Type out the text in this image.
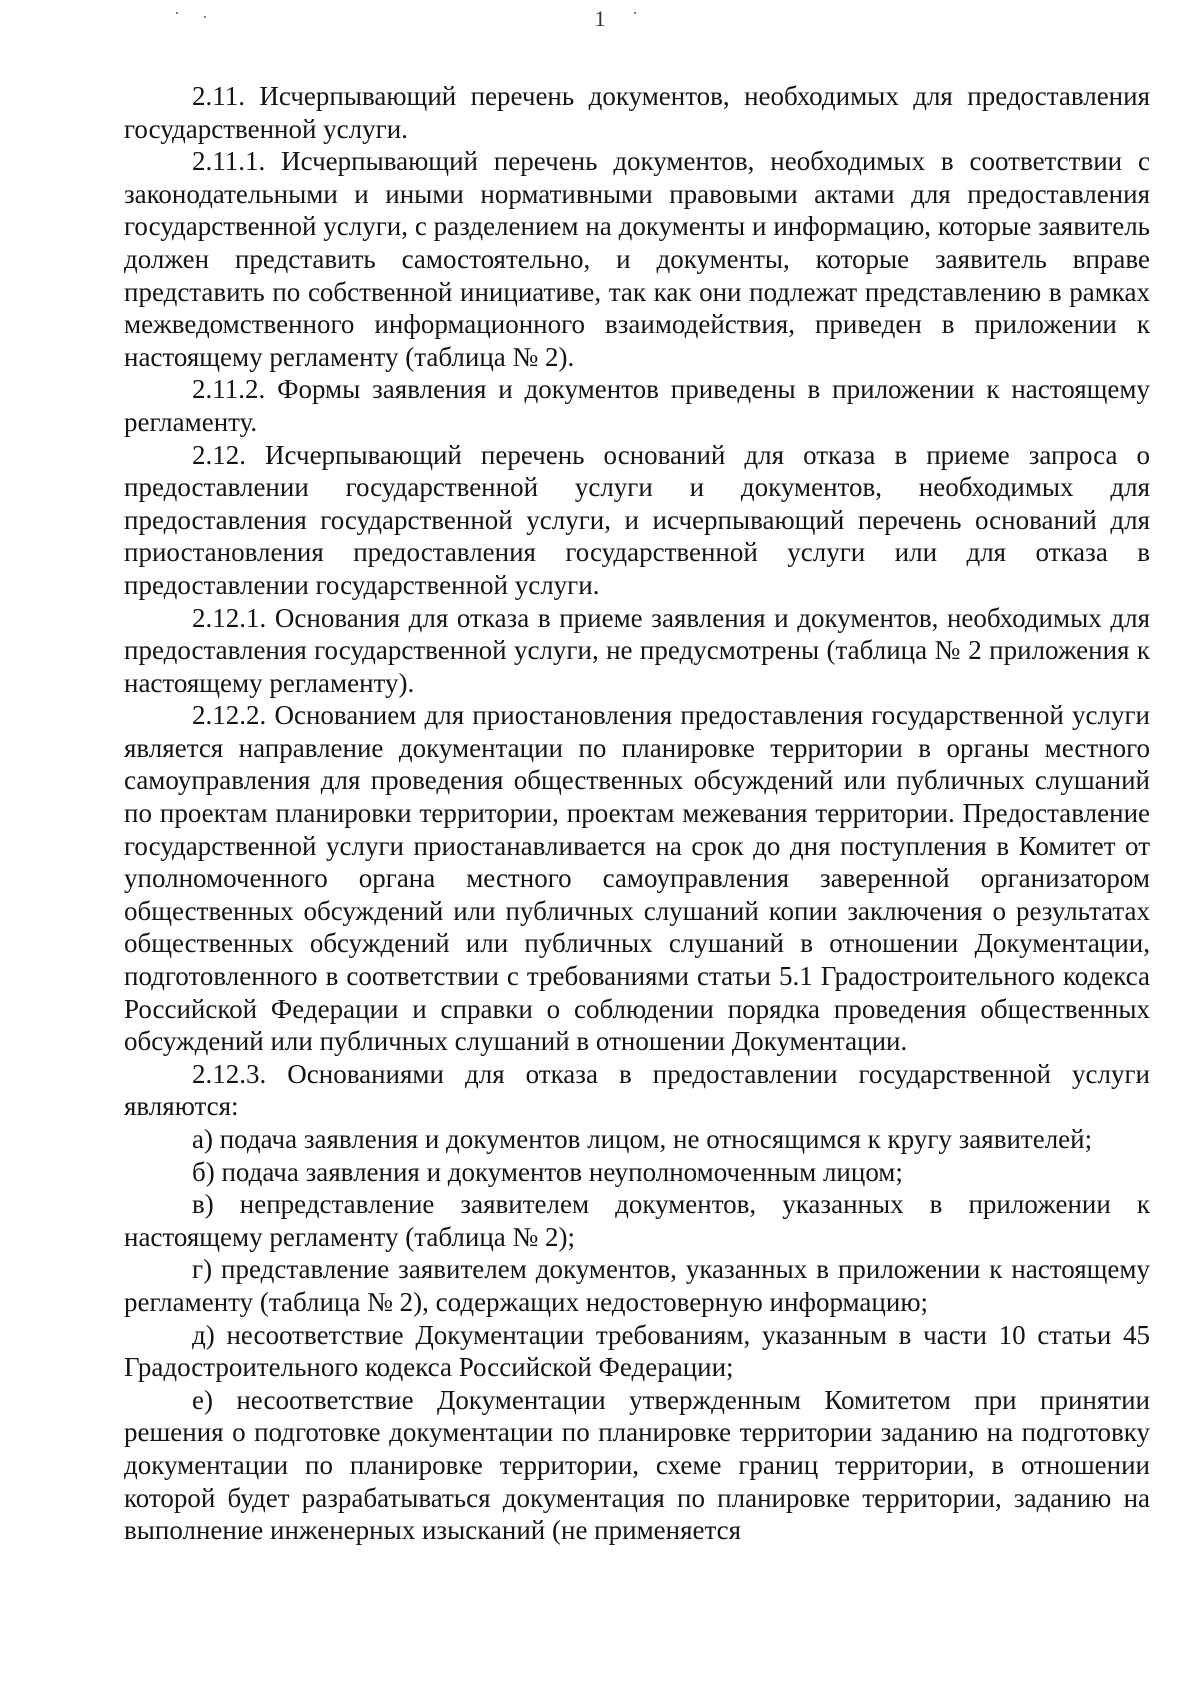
1

2.11. Исчерпывающий перечень документов, необходимых для предоставления государственной услуги.

2.11.1. Исчерпывающий перечень документов, необходимых в соответствии с законодательными и иными нормативными правовыми актами для предоставления государственной услуги, с разделением на документы и информацию, которые заявитель должен представить самостоятельно, и документы, которые заявитель вправе представить по собственной инициативе, так как они подлежат представлению в рамках межведомственного информационного взаимодействия, приведен в приложении к настоящему регламенту (таблица № 2).

2.11.2. Формы заявления и документов приведены в приложении к настоящему регламенту.

2.12. Исчерпывающий перечень оснований для отказа в приеме запроса о предоставлении государственной услуги и документов, необходимых для предоставления государственной услуги, и исчерпывающий перечень оснований для приостановления предоставления государственной услуги или для отказа в предоставлении государственной услуги.

2.12.1. Основания для отказа в приеме заявления и документов, необходимых для предоставления государственной услуги, не предусмотрены (таблица № 2 приложения к настоящему регламенту).

2.12.2. Основанием для приостановления предоставления государственной услуги является направление документации по планировке территории в органы местного самоуправления для проведения общественных обсуждений или публичных слушаний по проектам планировки территории, проектам межевания территории. Предоставление государственной услуги приостанавливается на срок до дня поступления в Комитет от уполномоченного органа местного самоуправления заверенной организатором общественных обсуждений или публичных слушаний копии заключения о результатах общественных обсуждений или публичных слушаний в отношении Документации, подготовленного в соответствии с требованиями статьи 5.1 Градостроительного кодекса Российской Федерации и справки о соблюдении порядка проведения общественных обсуждений или публичных слушаний в отношении Документации.

2.12.3. Основаниями для отказа в предоставлении государственной услуги являются:

а) подача заявления и документов лицом, не относящимся к кругу заявителей;

б) подача заявления и документов неуполномоченным лицом;

в) непредставление заявителем документов, указанных в приложении к настоящему регламенту (таблица № 2);

г) представление заявителем документов, указанных в приложении к настоящему регламенту (таблица № 2), содержащих недостоверную информацию;

д) несоответствие Документации требованиям, указанным в части 10 статьи 45 Градостроительного кодекса Российской Федерации;

е) несоответствие Документации утвержденным Комитетом при принятии решения о подготовке документации по планировке территории заданию на подготовку документации по планировке территории, схеме границ территории, в отношении которой будет разрабатываться документация по планировке территории, заданию на выполнение инженерных изысканий (не применяется
